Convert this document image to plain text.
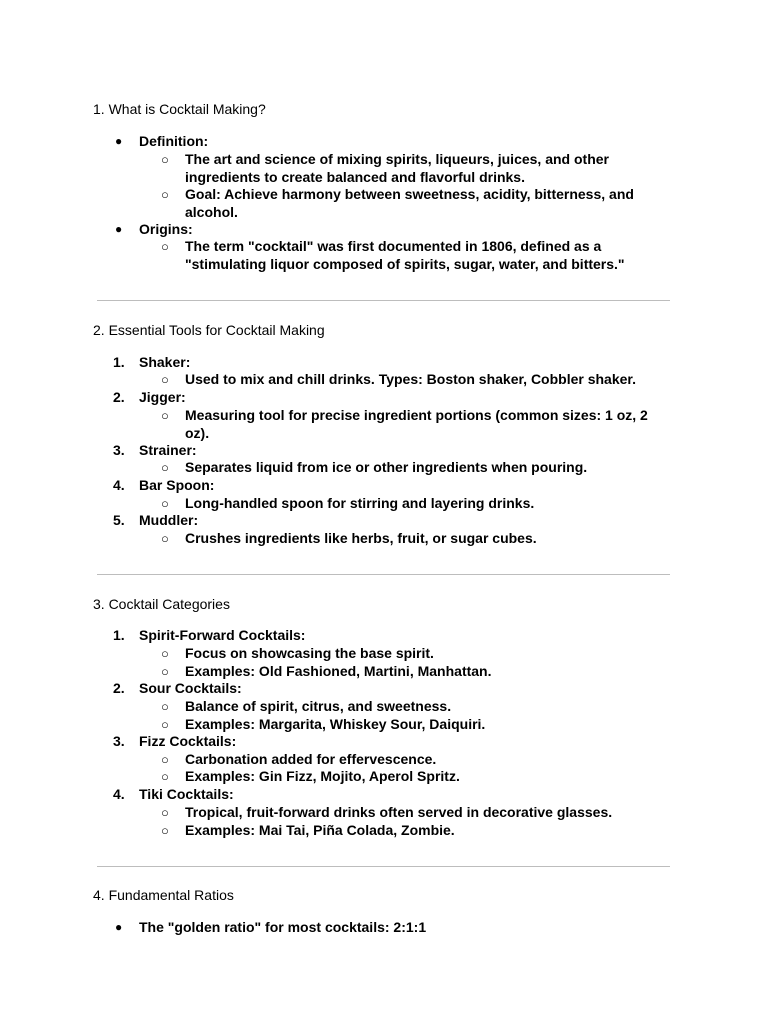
1. What is Cocktail Making?
●	Definition:
○ The art and science of mixing spirits, liqueurs, juices, and other ingredients to create balanced and flavorful drinks.
○ Goal: Achieve harmony between sweetness, acidity, bitterness, and alcohol.
●	Origins:
○ The term "cocktail" was first documented in 1806, defined as a "stimulating liquor composed of spirits, sugar, water, and bitters."
2. Essential Tools for Cocktail Making
1.	Shaker:
○ Used to mix and chill drinks. Types: Boston shaker, Cobbler shaker.
2.	Jigger:
○ Measuring tool for precise ingredient portions (common sizes: 1 oz, 2 oz).
3.	Strainer:
○ Separates liquid from ice or other ingredients when pouring.
4.	Bar Spoon:
○ Long-handled spoon for stirring and layering drinks.
5.	Muddler:
○ Crushes ingredients like herbs, fruit, or sugar cubes.
3. Cocktail Categories
1.	Spirit-Forward Cocktails:
○ Focus on showcasing the base spirit.
○ Examples: Old Fashioned, Martini, Manhattan.
2.	Sour Cocktails:
○ Balance of spirit, citrus, and sweetness.
○ Examples: Margarita, Whiskey Sour, Daiquiri.
3.	Fizz Cocktails:
○ Carbonation added for effervescence.
○ Examples: Gin Fizz, Mojito, Aperol Spritz.
4.	Tiki Cocktails:
○ Tropical, fruit-forward drinks often served in decorative glasses.
○ Examples: Mai Tai, Piña Colada, Zombie.
4. Fundamental Ratios
●	The "golden ratio" for most cocktails: 2:1:1
